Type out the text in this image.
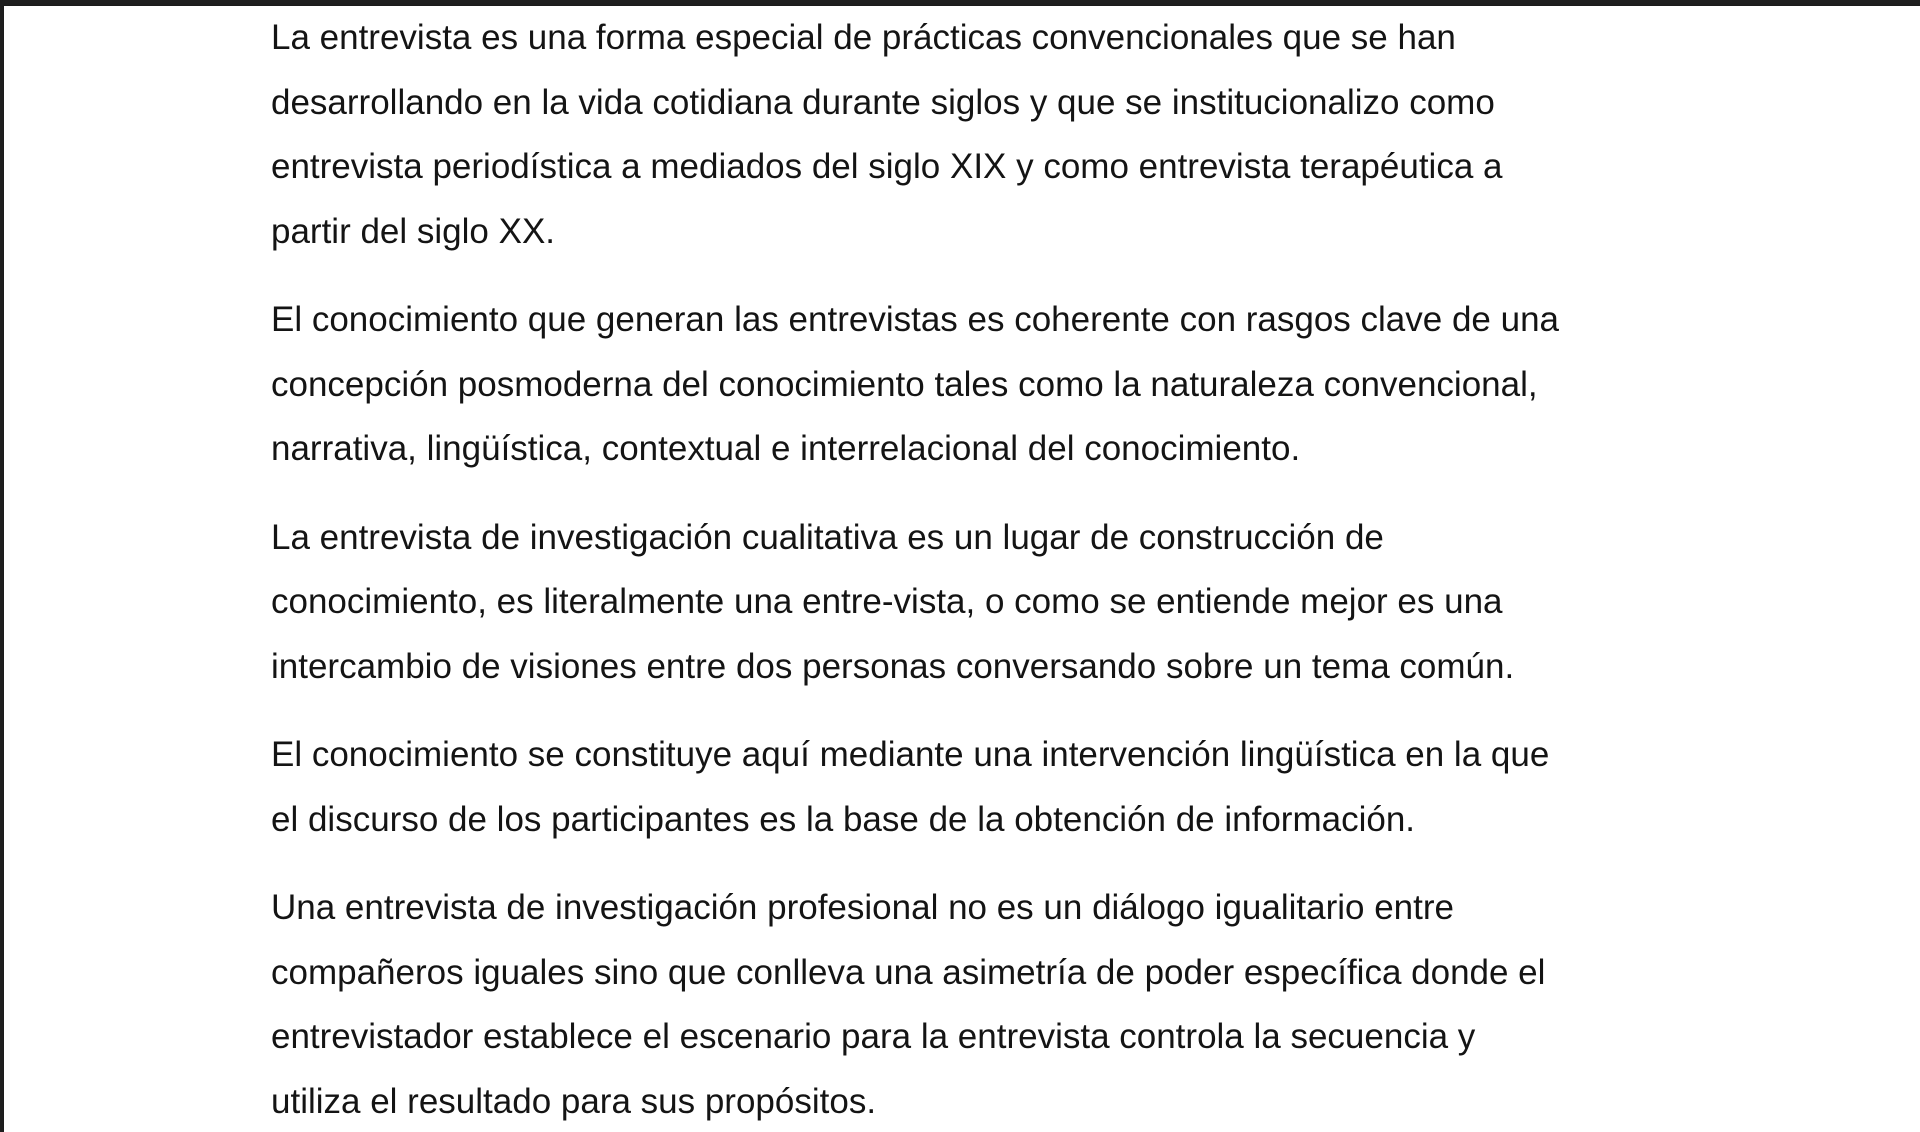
La entrevista es una forma especial de prácticas convencionales que se han
desarrollando en la vida cotidiana durante siglos y que se institucionalizo como
entrevista periodística a mediados del siglo XIX y como entrevista terapéutica a
partir del siglo XX.

El conocimiento que generan las entrevistas es coherente con rasgos clave de una
concepción posmoderna del conocimiento tales como la naturaleza convencional,
narrativa, lingüística, contextual e interrelacional del conocimiento.

La entrevista de investigación cualitativa es un lugar de construcción de
conocimiento, es literalmente una entre-vista, o como se entiende mejor es una
intercambio de visiones entre dos personas conversando sobre un tema común.

El conocimiento se constituye aquí mediante una intervención lingüística en la que
el discurso de los participantes es la base de la obtención de información.

Una entrevista de investigación profesional no es un diálogo igualitario entre
compañeros iguales sino que conlleva una asimetría de poder específica donde el
entrevistador establece el escenario para la entrevista controla la secuencia y
utiliza el resultado para sus propósitos.
